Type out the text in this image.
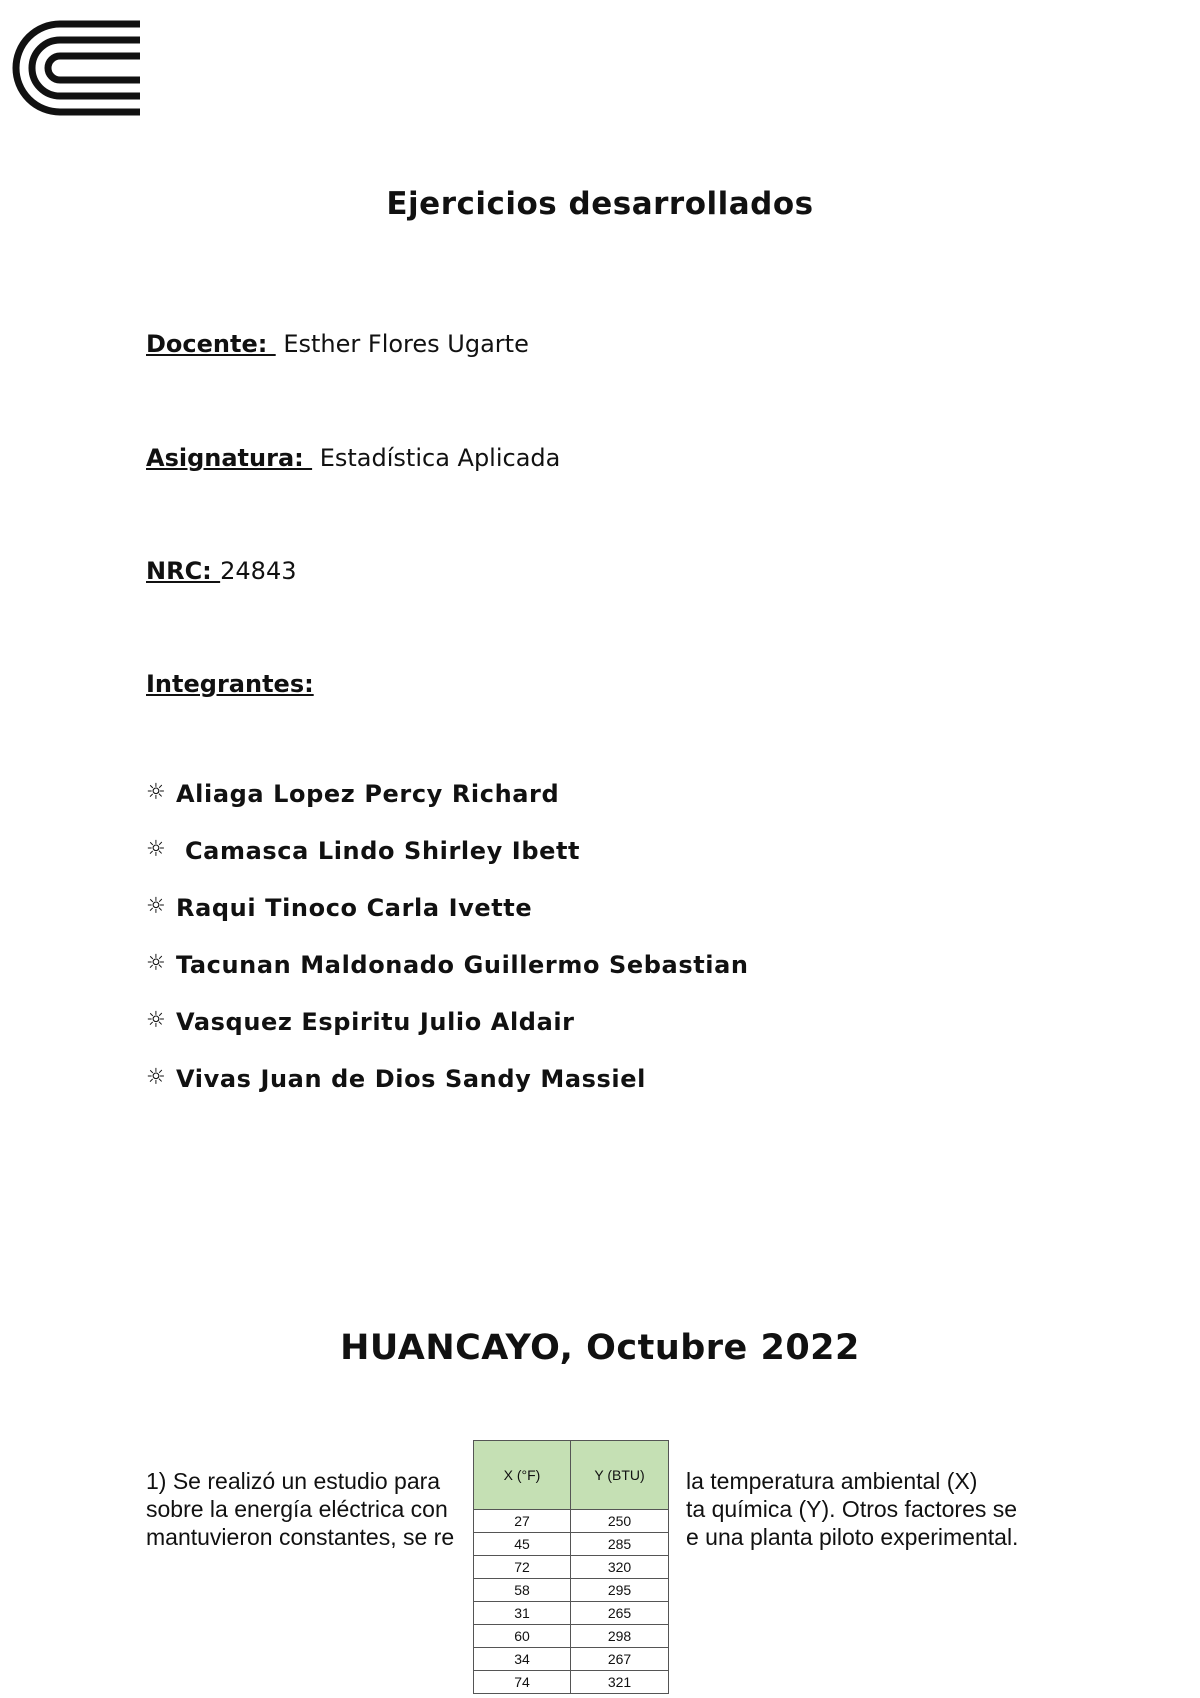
Ejercicios desarrollados
Docente:  Esther Flores Ugarte
Asignatura:  Estadística Aplicada
NRC: 24843
Integrantes:
☼ Aliaga Lopez Percy Richard
☼ Camasca Lindo Shirley Ibett
☼ Raqui Tinoco Carla Ivette
☼ Tacunan Maldonado Guillermo Sebastian
☼ Vasquez Espiritu Julio Aldair
☼ Vivas Juan de Dios Sandy Massiel
HUANCAYO, Octubre 2022
1) Se realizó un estudio para	la temperatura ambiental (X)
sobre la energía eléctrica con	ta química (Y). Otros factores se
mantuvieron constantes, se re	e una planta piloto experimental.
X (°F)	Y (BTU)
27	250
45	285
72	320
58	295
31	265
60	298
34	267
74	321
